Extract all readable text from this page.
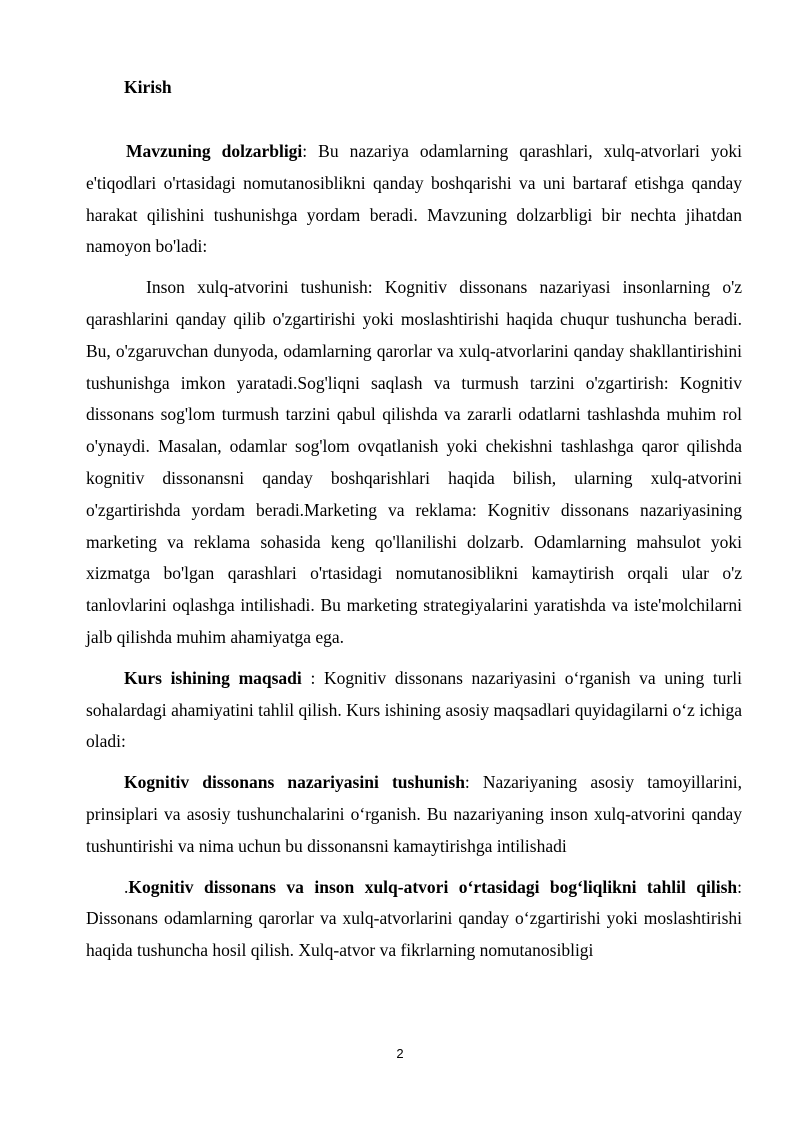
Kirish

Mavzuning dolzarbligi: Bu nazariya odamlarning qarashlari, xulq-atvorlari yoki e'tiqodlari o'rtasidagi nomutanosiblikni qanday boshqarishi va uni bartaraf etishga qanday harakat qilishini tushunishga yordam beradi. Mavzuning dolzarbligi bir nechta jihatdan namoyon bo'ladi:

Inson xulq-atvorini tushunish: Kognitiv dissonans nazariyasi insonlarning o'z qarashlarini qanday qilib o'zgartirishi yoki moslashtirishi haqida chuqur tushuncha beradi. Bu, o'zgaruvchan dunyoda, odamlarning qarorlar va xulq-atvorlarini qanday shakllantirishini tushunishga imkon yaratadi.Sog'liqni saqlash va turmush tarzini o'zgartirish: Kognitiv dissonans sog'lom turmush tarzini qabul qilishda va zararli odatlarni tashlashda muhim rol o'ynaydi. Masalan, odamlar sog'lom ovqatlanish yoki chekishni tashlashga qaror qilishda kognitiv dissonansni qanday boshqarishlari haqida bilish, ularning xulq-atvorini o'zgartirishda yordam beradi.Marketing va reklama: Kognitiv dissonans nazariyasining marketing va reklama sohasida keng qo'llanilishi dolzarb. Odamlarning mahsulot yoki xizmatga bo'lgan qarashlari o'rtasidagi nomutanosiblikni kamaytirish orqali ular o'z tanlovlarini oqlashga intilishadi. Bu marketing strategiyalarini yaratishda va iste'molchilarni jalb qilishda muhim ahamiyatga ega.

Kurs ishining maqsadi : Kognitiv dissonans nazariyasini o‘rganish va uning turli sohalardagi ahamiyatini tahlil qilish. Kurs ishining asosiy maqsadlari quyidagilarni o‘z ichiga oladi:

Kognitiv dissonans nazariyasini tushunish: Nazariyaning asosiy tamoyillarini, prinsiplari va asosiy tushunchalarini o‘rganish. Bu nazariyaning inson xulq-atvorini qanday tushuntirishi va nima uchun bu dissonansni kamaytirishga intilishadi

.Kognitiv dissonans va inson xulq-atvori o‘rtasidagi bog‘liqlikni tahlil qilish: Dissonans odamlarning qarorlar va xulq-atvorlarini qanday o‘zgartirishi yoki moslashtirishi haqida tushuncha hosil qilish. Xulq-atvor va fikrlarning nomutanosibligi

2
